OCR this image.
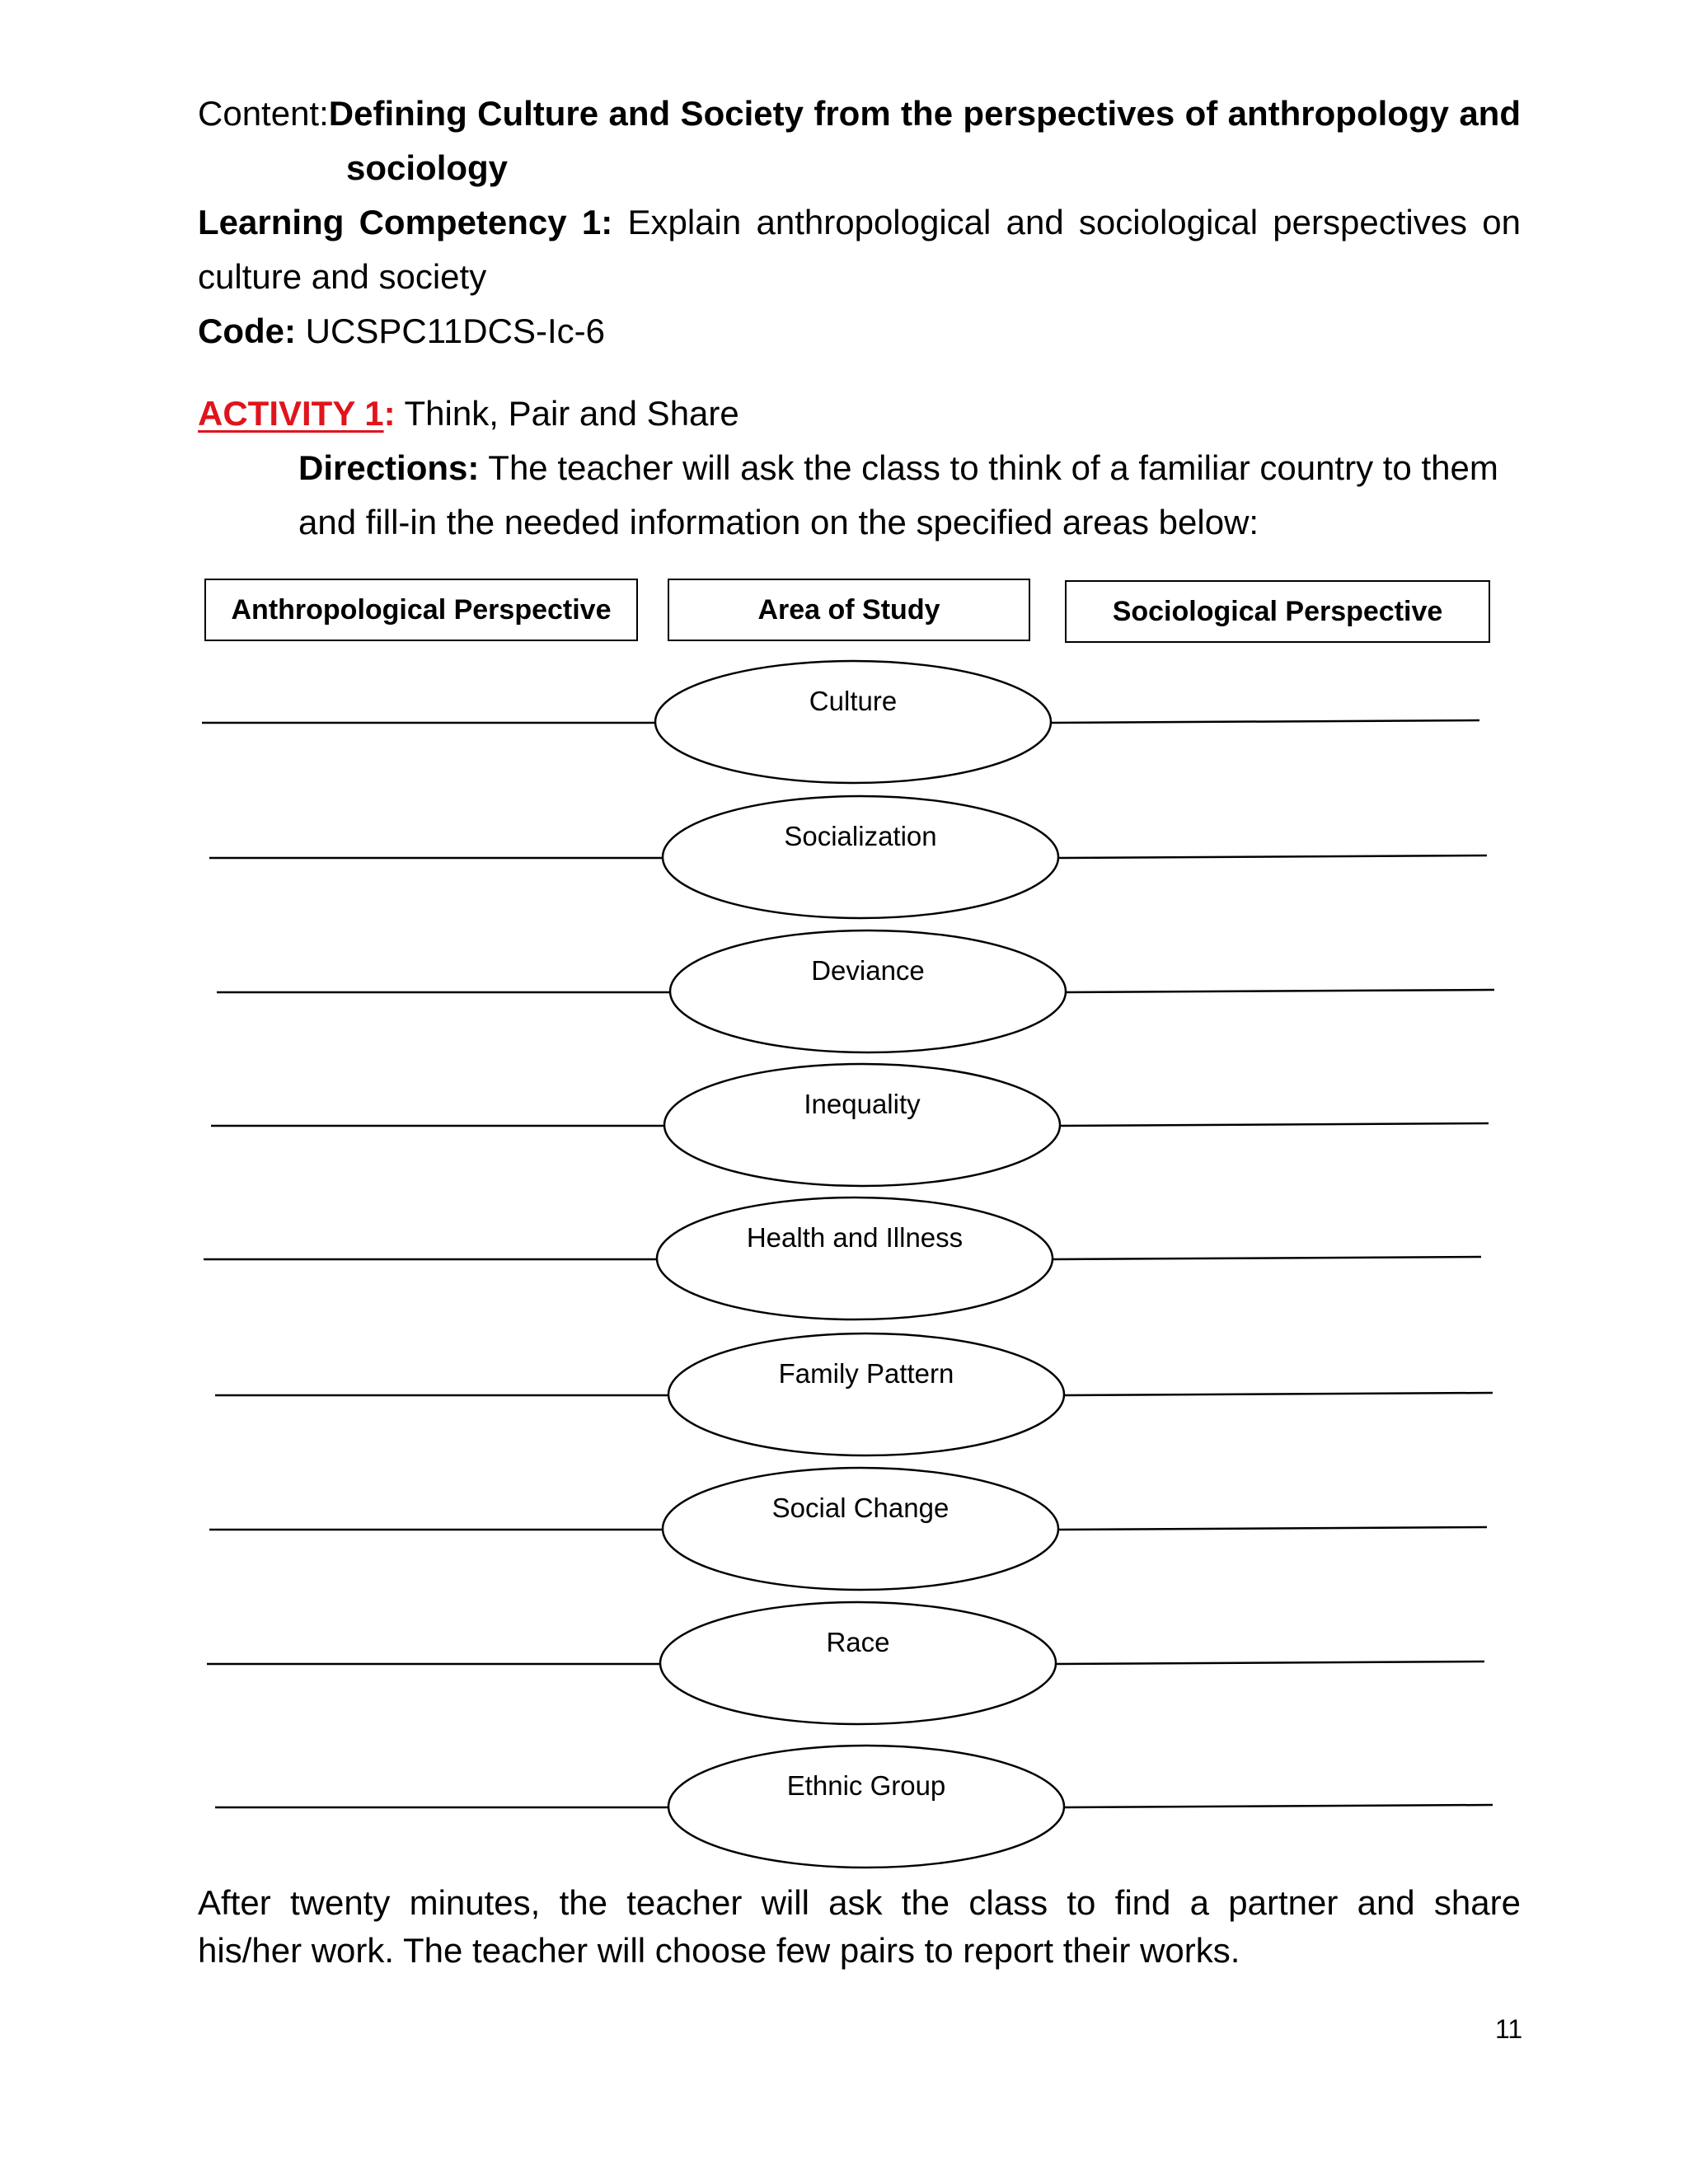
Content:Defining Culture and Society from the perspectives of anthropology and
sociology
Learning Competency 1: Explain anthropological and sociological perspectives on
culture and society
Code: UCSPC11DCS-Ic-6
ACTIVITY 1: Think, Pair and Share
Directions: The teacher will ask the class to think of a familiar country to them
and fill-in the needed information on the specified areas below:
Anthropological Perspective	Area of Study	Sociological Perspective
Culture
Socialization
Deviance
Inequality
Health and Illness
Family Pattern
Social Change
Race
Ethnic Group
After twenty minutes, the teacher will ask the class to find a partner and share
his/her work. The teacher will choose few pairs to report their works.
11
